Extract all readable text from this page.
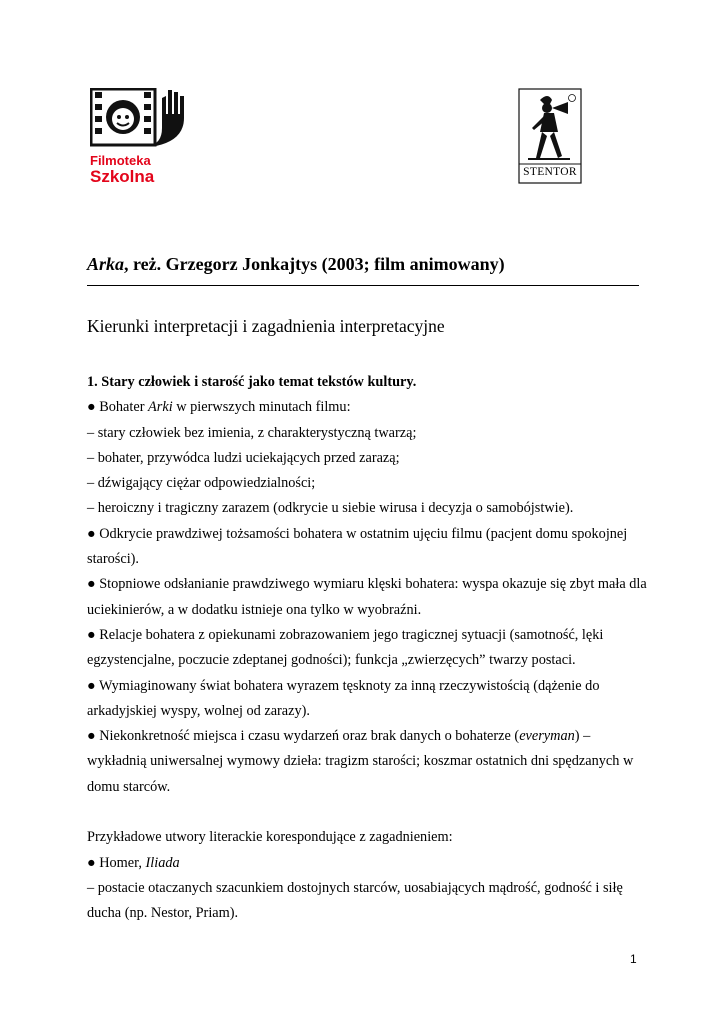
Filmoteka
Szkolna	STENTOR
Arka, reż. Grzegorz Jonkajtys (2003; film animowany)
Kierunki interpretacji i zagadnienia interpretacyjne

1. Stary człowiek i starość jako temat tekstów kultury.

● Bohater Arki w pierwszych minutach filmu:

– stary człowiek bez imienia, z charakterystyczną twarzą;

– bohater, przywódca ludzi uciekających przed zarazą;

– dźwigający ciężar odpowiedzialności;

– heroiczny i tragiczny zarazem (odkrycie u siebie wirusa i decyzja o samobójstwie).

● Odkrycie prawdziwej tożsamości bohatera w ostatnim ujęciu filmu (pacjent domu spokojnej starości).

● Stopniowe odsłanianie prawdziwego wymiaru klęski bohatera: wyspa okazuje się zbyt mała dla uciekinierów, a w dodatku istnieje ona tylko w wyobraźni.

● Relacje bohatera z opiekunami zobrazowaniem jego tragicznej sytuacji (samotność, lęki egzystencjalne, poczucie zdeptanej godności); funkcja „zwierzęcych” twarzy postaci.

● Wymiaginowany świat bohatera wyrazem tęsknoty za inną rzeczywistością (dążenie do arkadyjskiej wyspy, wolnej od zarazy).

● Niekonkretność miejsca i czasu wydarzeń oraz brak danych o bohaterze (everyman) – wykładnią uniwersalnej wymowy dzieła: tragizm starości; koszmar ostatnich dni spędzanych w domu starców.

Przykładowe utwory literackie korespondujące z zagadnieniem:

● Homer, Iliada

– postacie otaczanych szacunkiem dostojnych starców, uosabiających mądrość, godność i siłę ducha (np. Nestor, Priam).

1
